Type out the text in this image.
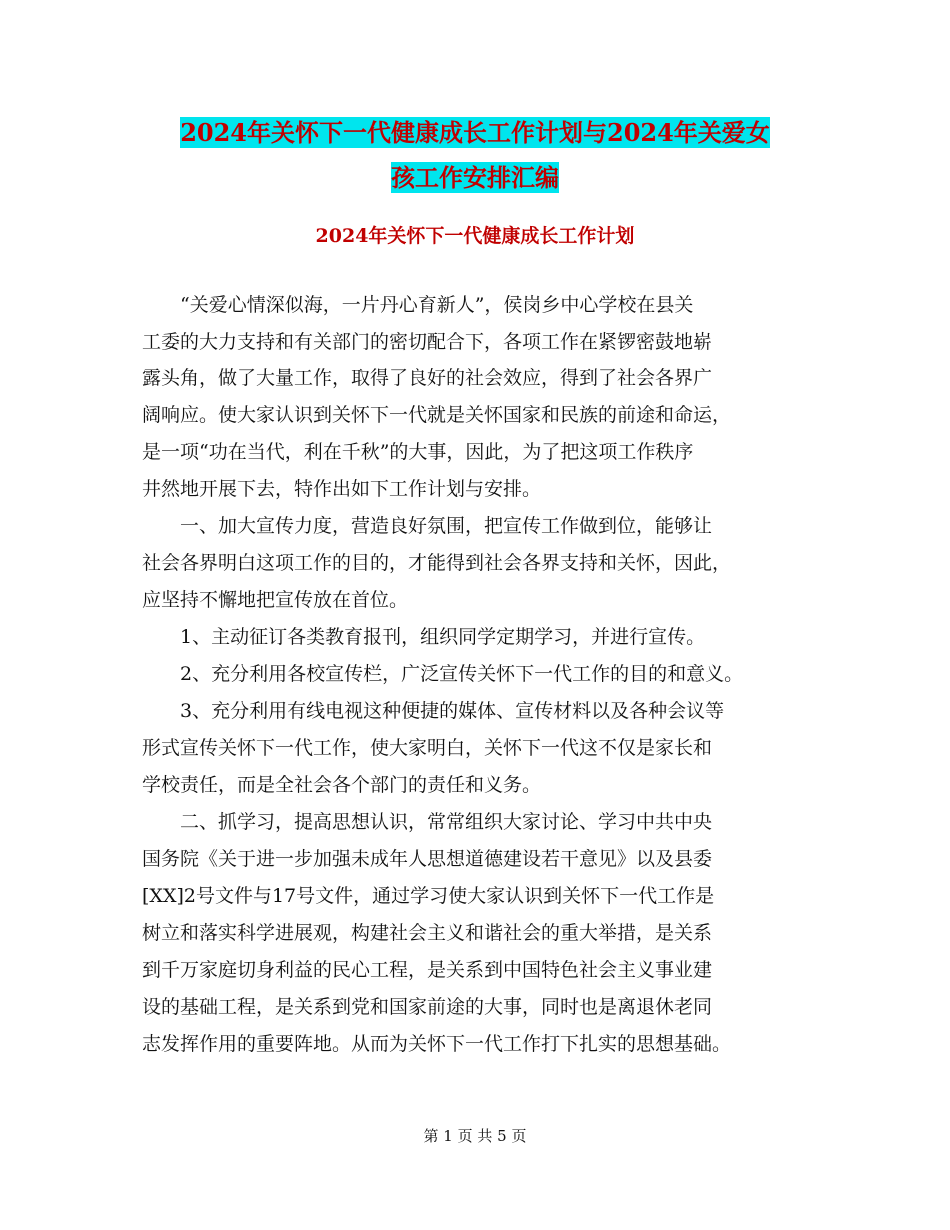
2024年关怀下一代健康成长工作计划与2024年关爱女
孩工作安排汇编
2024年关怀下一代健康成长工作计划
“关爱心情深似海，一片丹心育新人”，侯岗乡中心学校在县关
工委的大力支持和有关部门的密切配合下，各项工作在紧锣密鼓地崭
露头角，做了大量工作，取得了良好的社会效应，得到了社会各界广
阔响应。使大家认识到关怀下一代就是关怀国家和民族的前途和命运，
是一项“功在当代，利在千秋”的大事，因此，为了把这项工作秩序
井然地开展下去，特作出如下工作计划与安排。
一、加大宣传力度，营造良好氛围，把宣传工作做到位，能够让
社会各界明白这项工作的目的，才能得到社会各界支持和关怀，因此，
应坚持不懈地把宣传放在首位。
1、主动征订各类教育报刊，组织同学定期学习，并进行宣传。
2、充分利用各校宣传栏，广泛宣传关怀下一代工作的目的和意义。
3、充分利用有线电视这种便捷的媒体、宣传材料以及各种会议等
形式宣传关怀下一代工作，使大家明白，关怀下一代这不仅是家长和
学校责任，而是全社会各个部门的责任和义务。
二、抓学习，提高思想认识，常常组织大家讨论、学习中共中央
国务院《关于进一步加强未成年人思想道德建设若干意见》以及县委
[XX]2号文件与17号文件，通过学习使大家认识到关怀下一代工作是
树立和落实科学进展观，构建社会主义和谐社会的重大举措，是关系
到千万家庭切身利益的民心工程，是关系到中国特色社会主义事业建
设的基础工程，是关系到党和国家前途的大事，同时也是离退休老同
志发挥作用的重要阵地。从而为关怀下一代工作打下扎实的思想基础。
第 1 页 共 5 页
